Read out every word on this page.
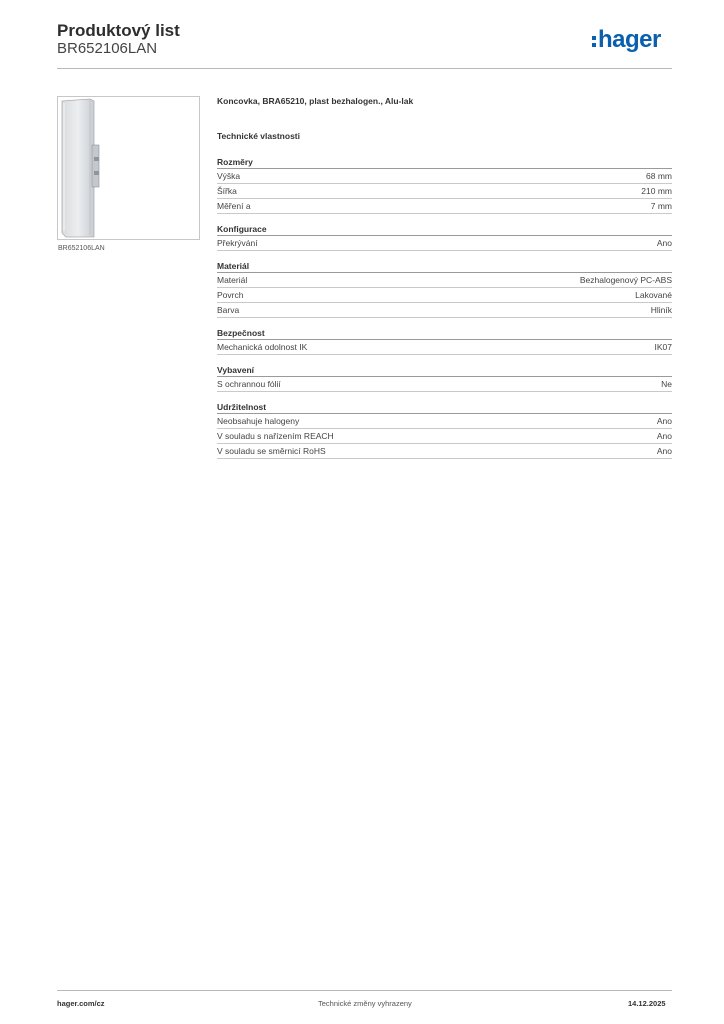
Produktový list
BR652106LAN	hager
BR652106LAN
Koncovka, BRA65210, plast bezhalogen., Alu-lak
Technické vlastnosti
Rozměry
Výška	68 mm
Šířka	210 mm
Měření a	7 mm
Konfigurace
Překrývání	Ano
Materiál
Materiál	Bezhalogenový PC-ABS
Povrch	Lakované
Barva	Hliník
Bezpečnost
Mechanická odolnost IK	IK07
Vybavení
S ochrannou fólií	Ne
Udržitelnost
Neobsahuje halogeny	Ano
V souladu s nařízením REACH	Ano
V souladu se směrnicí RoHS	Ano
hager.com/cz	Technické změny vyhrazeny	14.12.2025
